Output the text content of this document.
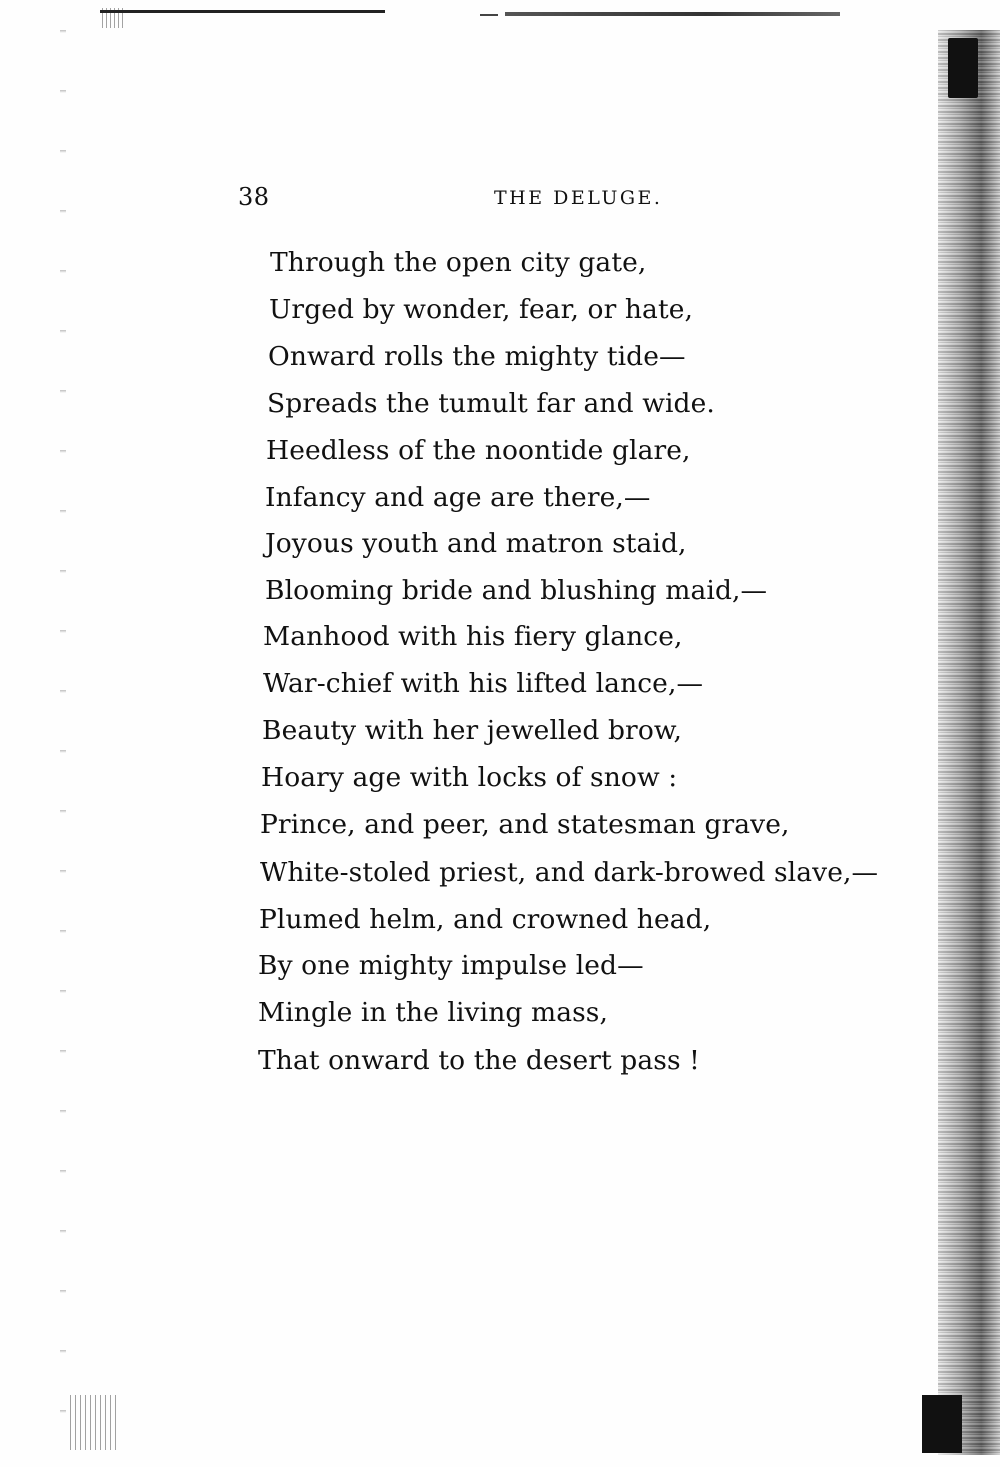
38	THE DELUGE.
Through the open city gate,
Urged by wonder, fear, or hate,
Onward rolls the mighty tide—
Spreads the tumult far and wide.
Heedless of the noontide glare,
Infancy and age are there,—
Joyous youth and matron staid,
Blooming bride and blushing maid,—
Manhood with his fiery glance,
War-chief with his lifted lance,—
Beauty with her jewelled brow,
Hoary age with locks of snow :
Prince, and peer, and statesman grave,
White-stoled priest, and dark-browed slave,—
Plumed helm, and crowned head,
By one mighty impulse led—
Mingle in the living mass,
That onward to the desert pass !
